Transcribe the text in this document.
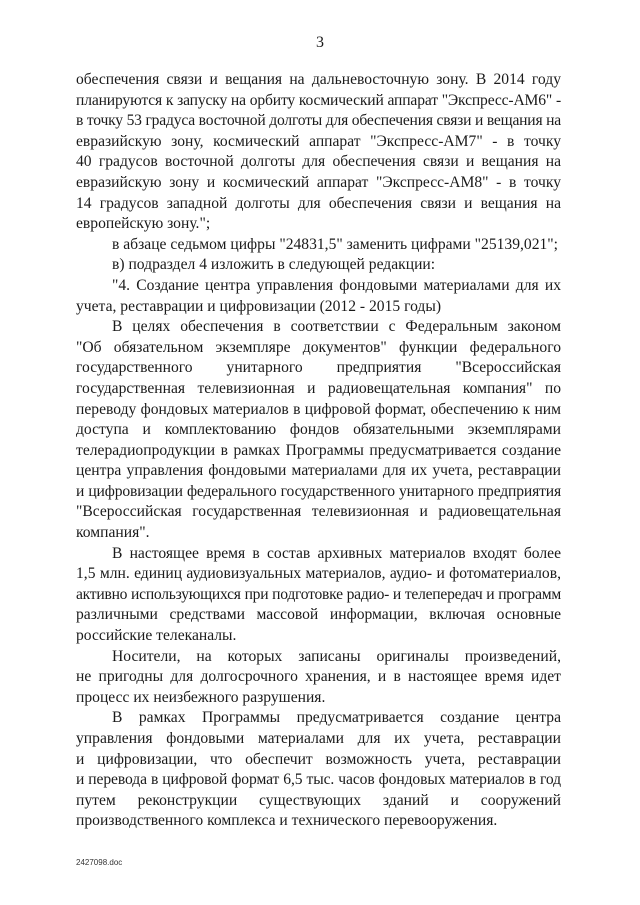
3
обеспечения связи и вещания на дальневосточную зону. В 2014 году
планируются к запуску на орбиту космический аппарат "Экспресс-АМ6" -
в точку 53 градуса восточной долготы для обеспечения связи и вещания на
евразийскую зону, космический аппарат "Экспресс-АМ7" - в точку
40 градусов восточной долготы для обеспечения связи и вещания на
евразийскую зону и космический аппарат "Экспресс-АМ8" - в точку
14 градусов западной долготы для обеспечения связи и вещания на
европейскую зону.";
в абзаце седьмом цифры "24831,5" заменить цифрами "25139,021";
в) подраздел 4 изложить в следующей редакции:
"4. Создание центра управления фондовыми материалами для их
учета, реставрации и цифровизации (2012 - 2015 годы)
В целях обеспечения в соответствии с Федеральным законом
"Об обязательном экземпляре документов" функции федерального
государственного унитарного предприятия "Всероссийская
государственная телевизионная и радиовещательная компания" по
переводу фондовых материалов в цифровой формат, обеспечению к ним
доступа и комплектованию фондов обязательными экземплярами
телерадиопродукции в рамках Программы предусматривается создание
центра управления фондовыми материалами для их учета, реставрации
и цифровизации федерального государственного унитарного предприятия
"Всероссийская государственная телевизионная и радиовещательная
компания".
В настоящее время в состав архивных материалов входят более
1,5 млн. единиц аудиовизуальных материалов, аудио- и фотоматериалов,
активно использующихся при подготовке радио- и телепередач и программ
различными средствами массовой информации, включая основные
российские телеканалы.
Носители, на которых записаны оригиналы произведений,
не пригодны для долгосрочного хранения, и в настоящее время идет
процесс их неизбежного разрушения.
В рамках Программы предусматривается создание центра
управления фондовыми материалами для их учета, реставрации
и цифровизации, что обеспечит возможность учета, реставрации
и перевода в цифровой формат 6,5 тыс. часов фондовых материалов в год
путем реконструкции существующих зданий и сооружений
производственного комплекса и технического перевооружения.
2427098.doc
